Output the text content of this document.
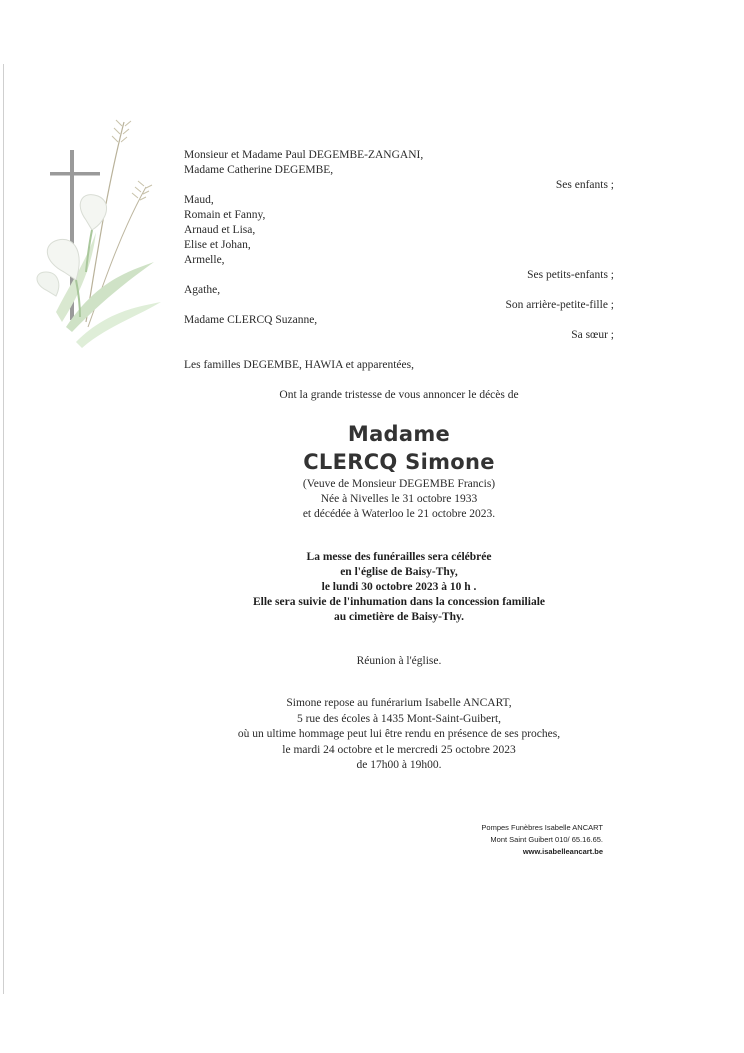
Monsieur et Madame Paul DEGEMBE-ZANGANI,
Madame Catherine DEGEMBE,
Ses enfants ;
Maud,
Romain et Fanny,
Arnaud et Lisa,
Elise et Johan,
Armelle,
Ses petits-enfants ;
Agathe,
Son arrière-petite-fille ;
Madame CLERCQ Suzanne,
Sa sœur ;
Les familles DEGEMBE, HAWIA et apparentées,
Ont la grande tristesse de vous annoncer le décès de
Madame
CLERCQ Simone
(Veuve de Monsieur DEGEMBE Francis)
Née à Nivelles le 31 octobre 1933
et décédée à Waterloo le 21 octobre 2023.
La messe des funérailles sera célébrée
en l'église de Baisy-Thy,
le lundi 30 octobre 2023 à 10 h .
Elle sera suivie de l'inhumation dans la concession familiale
au cimetière de Baisy-Thy.
Réunion à l'église.
Simone repose au funérarium Isabelle ANCART,
5 rue des écoles à 1435 Mont-Saint-Guibert,
où un ultime hommage peut lui être rendu en présence de ses proches,
le mardi 24 octobre et le mercredi 25 octobre 2023
de 17h00 à 19h00.
Pompes Funèbres Isabelle ANCART
Mont Saint Guibert 010/ 65.16.65.
www.isabelleancart.be
